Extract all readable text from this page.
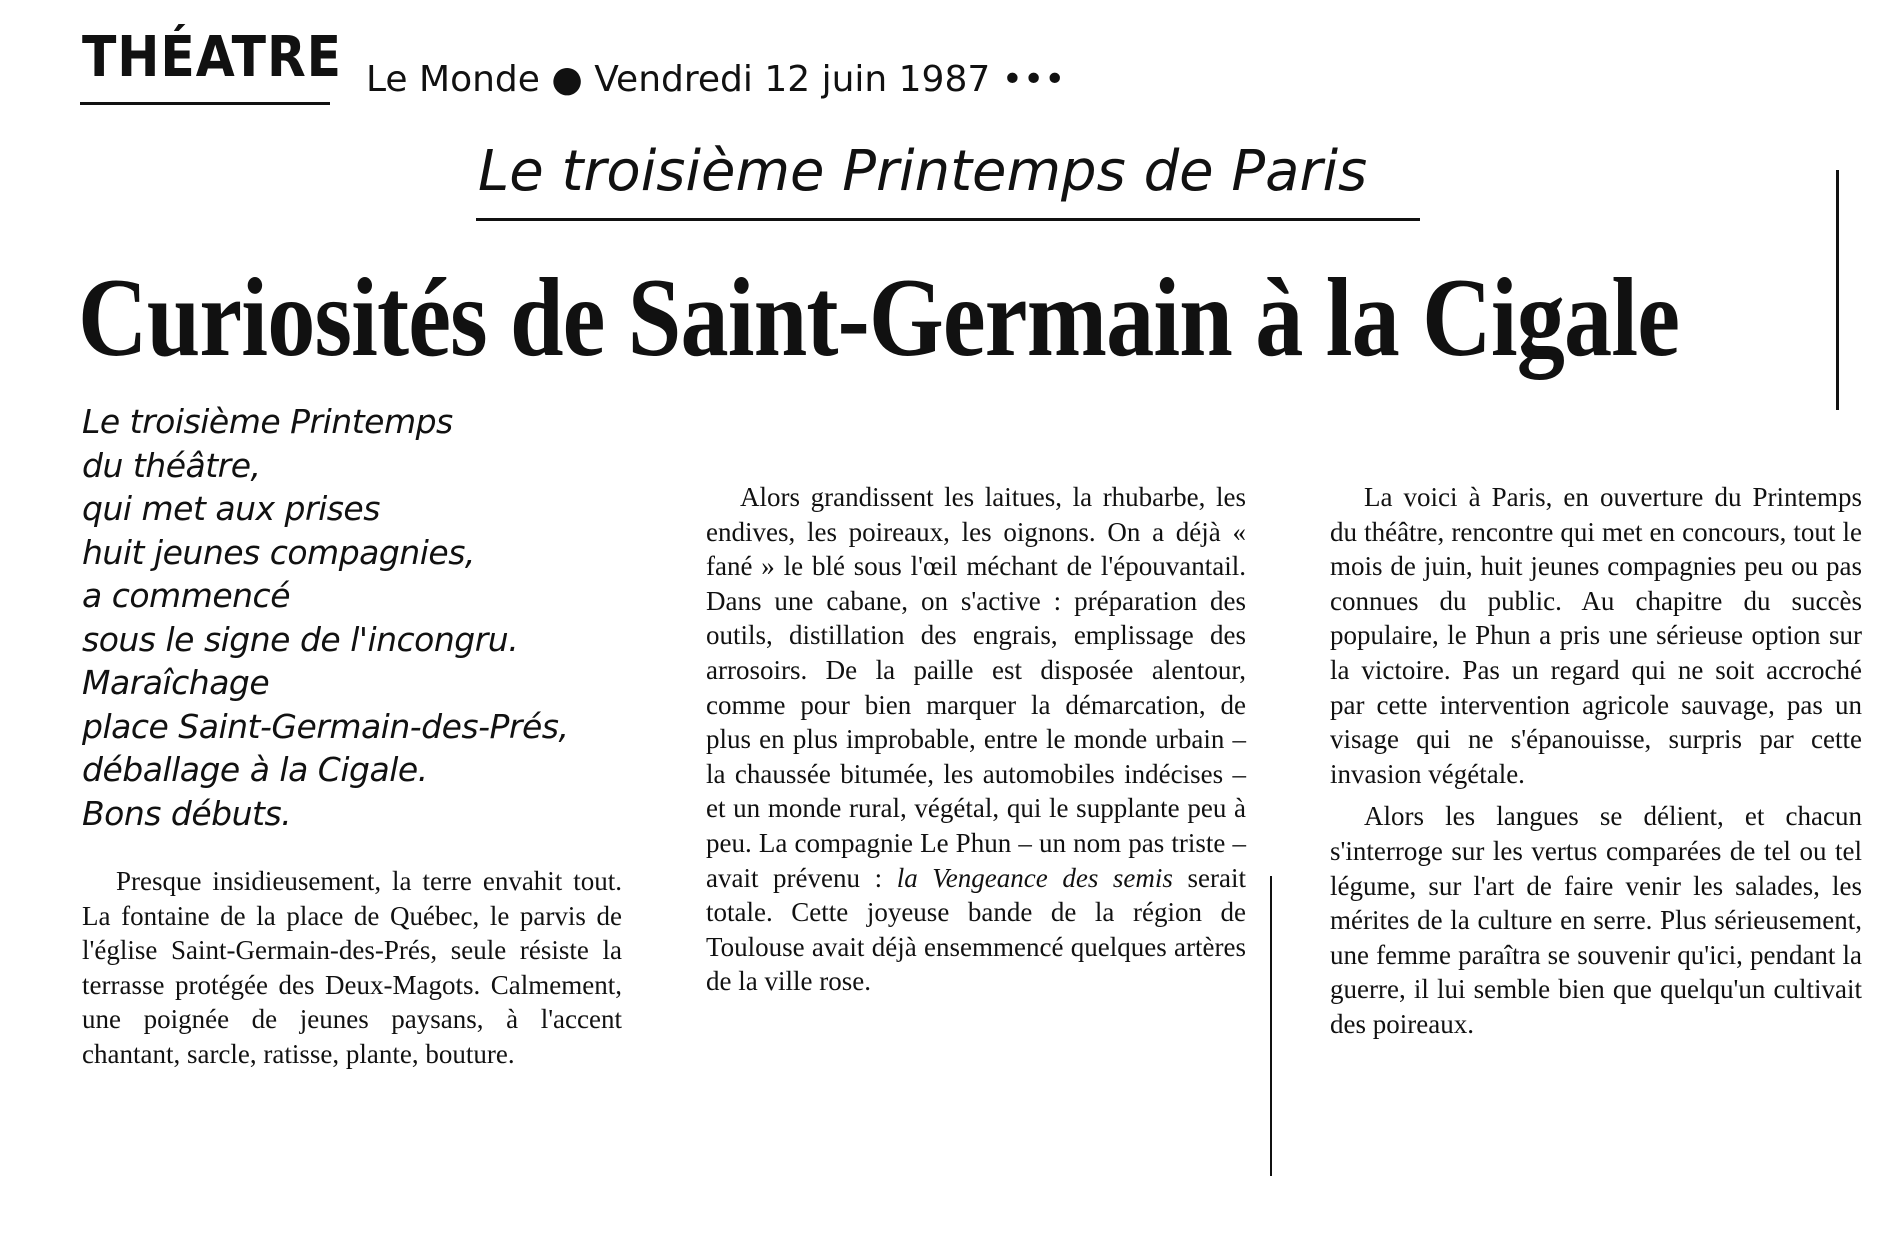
THÉATRE Le Monde ● Vendredi 12 juin 1987 •••
Le troisième Printemps de Paris
Curiosités de Saint-Germain à la Cigale
Le troisième Printemps
du théâtre,
qui met aux prises
huit jeunes compagnies,
a commencé
sous le signe de l'incongru.
Maraîchage
place Saint-Germain-des-Prés,
déballage à la Cigale.
Bons débuts.

Presque insidieusement, la terre envahit tout. La fontaine de la place de Québec, le parvis de l'église Saint-Germain-des-Prés, seule résiste la terrasse protégée des Deux-Magots. Calmement, une poignée de jeunes paysans, à l'accent chantant, sarcle, ratisse, plante, bouture.

Alors grandissent les laitues, la rhubarbe, les endives, les poireaux, les oignons. On a déjà « fané » le blé sous l'œil méchant de l'épouvantail. Dans une cabane, on s'active : préparation des outils, distillation des engrais, emplissage des arrosoirs. De la paille est disposée alentour, comme pour bien marquer la démarcation, de plus en plus improbable, entre le monde urbain – la chaussée bitumée, les automobiles indécises – et un monde rural, végétal, qui le supplante peu à peu. La compagnie Le Phun – un nom pas triste – avait prévenu : la Vengeance des semis serait totale. Cette joyeuse bande de la région de Toulouse avait déjà ensemmencé quelques artères de la ville rose.

La voici à Paris, en ouverture du Printemps du théâtre, rencontre qui met en concours, tout le mois de juin, huit jeunes compagnies peu ou pas connues du public. Au chapitre du succès populaire, le Phun a pris une sérieuse option sur la victoire. Pas un regard qui ne soit accroché par cette intervention agricole sauvage, pas un visage qui ne s'épanouisse, surpris par cette invasion végétale.

Alors les langues se délient, et chacun s'interroge sur les vertus comparées de tel ou tel légume, sur l'art de faire venir les salades, les mérites de la culture en serre. Plus sérieusement, une femme paraîtra se souvenir qu'ici, pendant la guerre, il lui semble bien que quelqu'un cultivait des poireaux.
